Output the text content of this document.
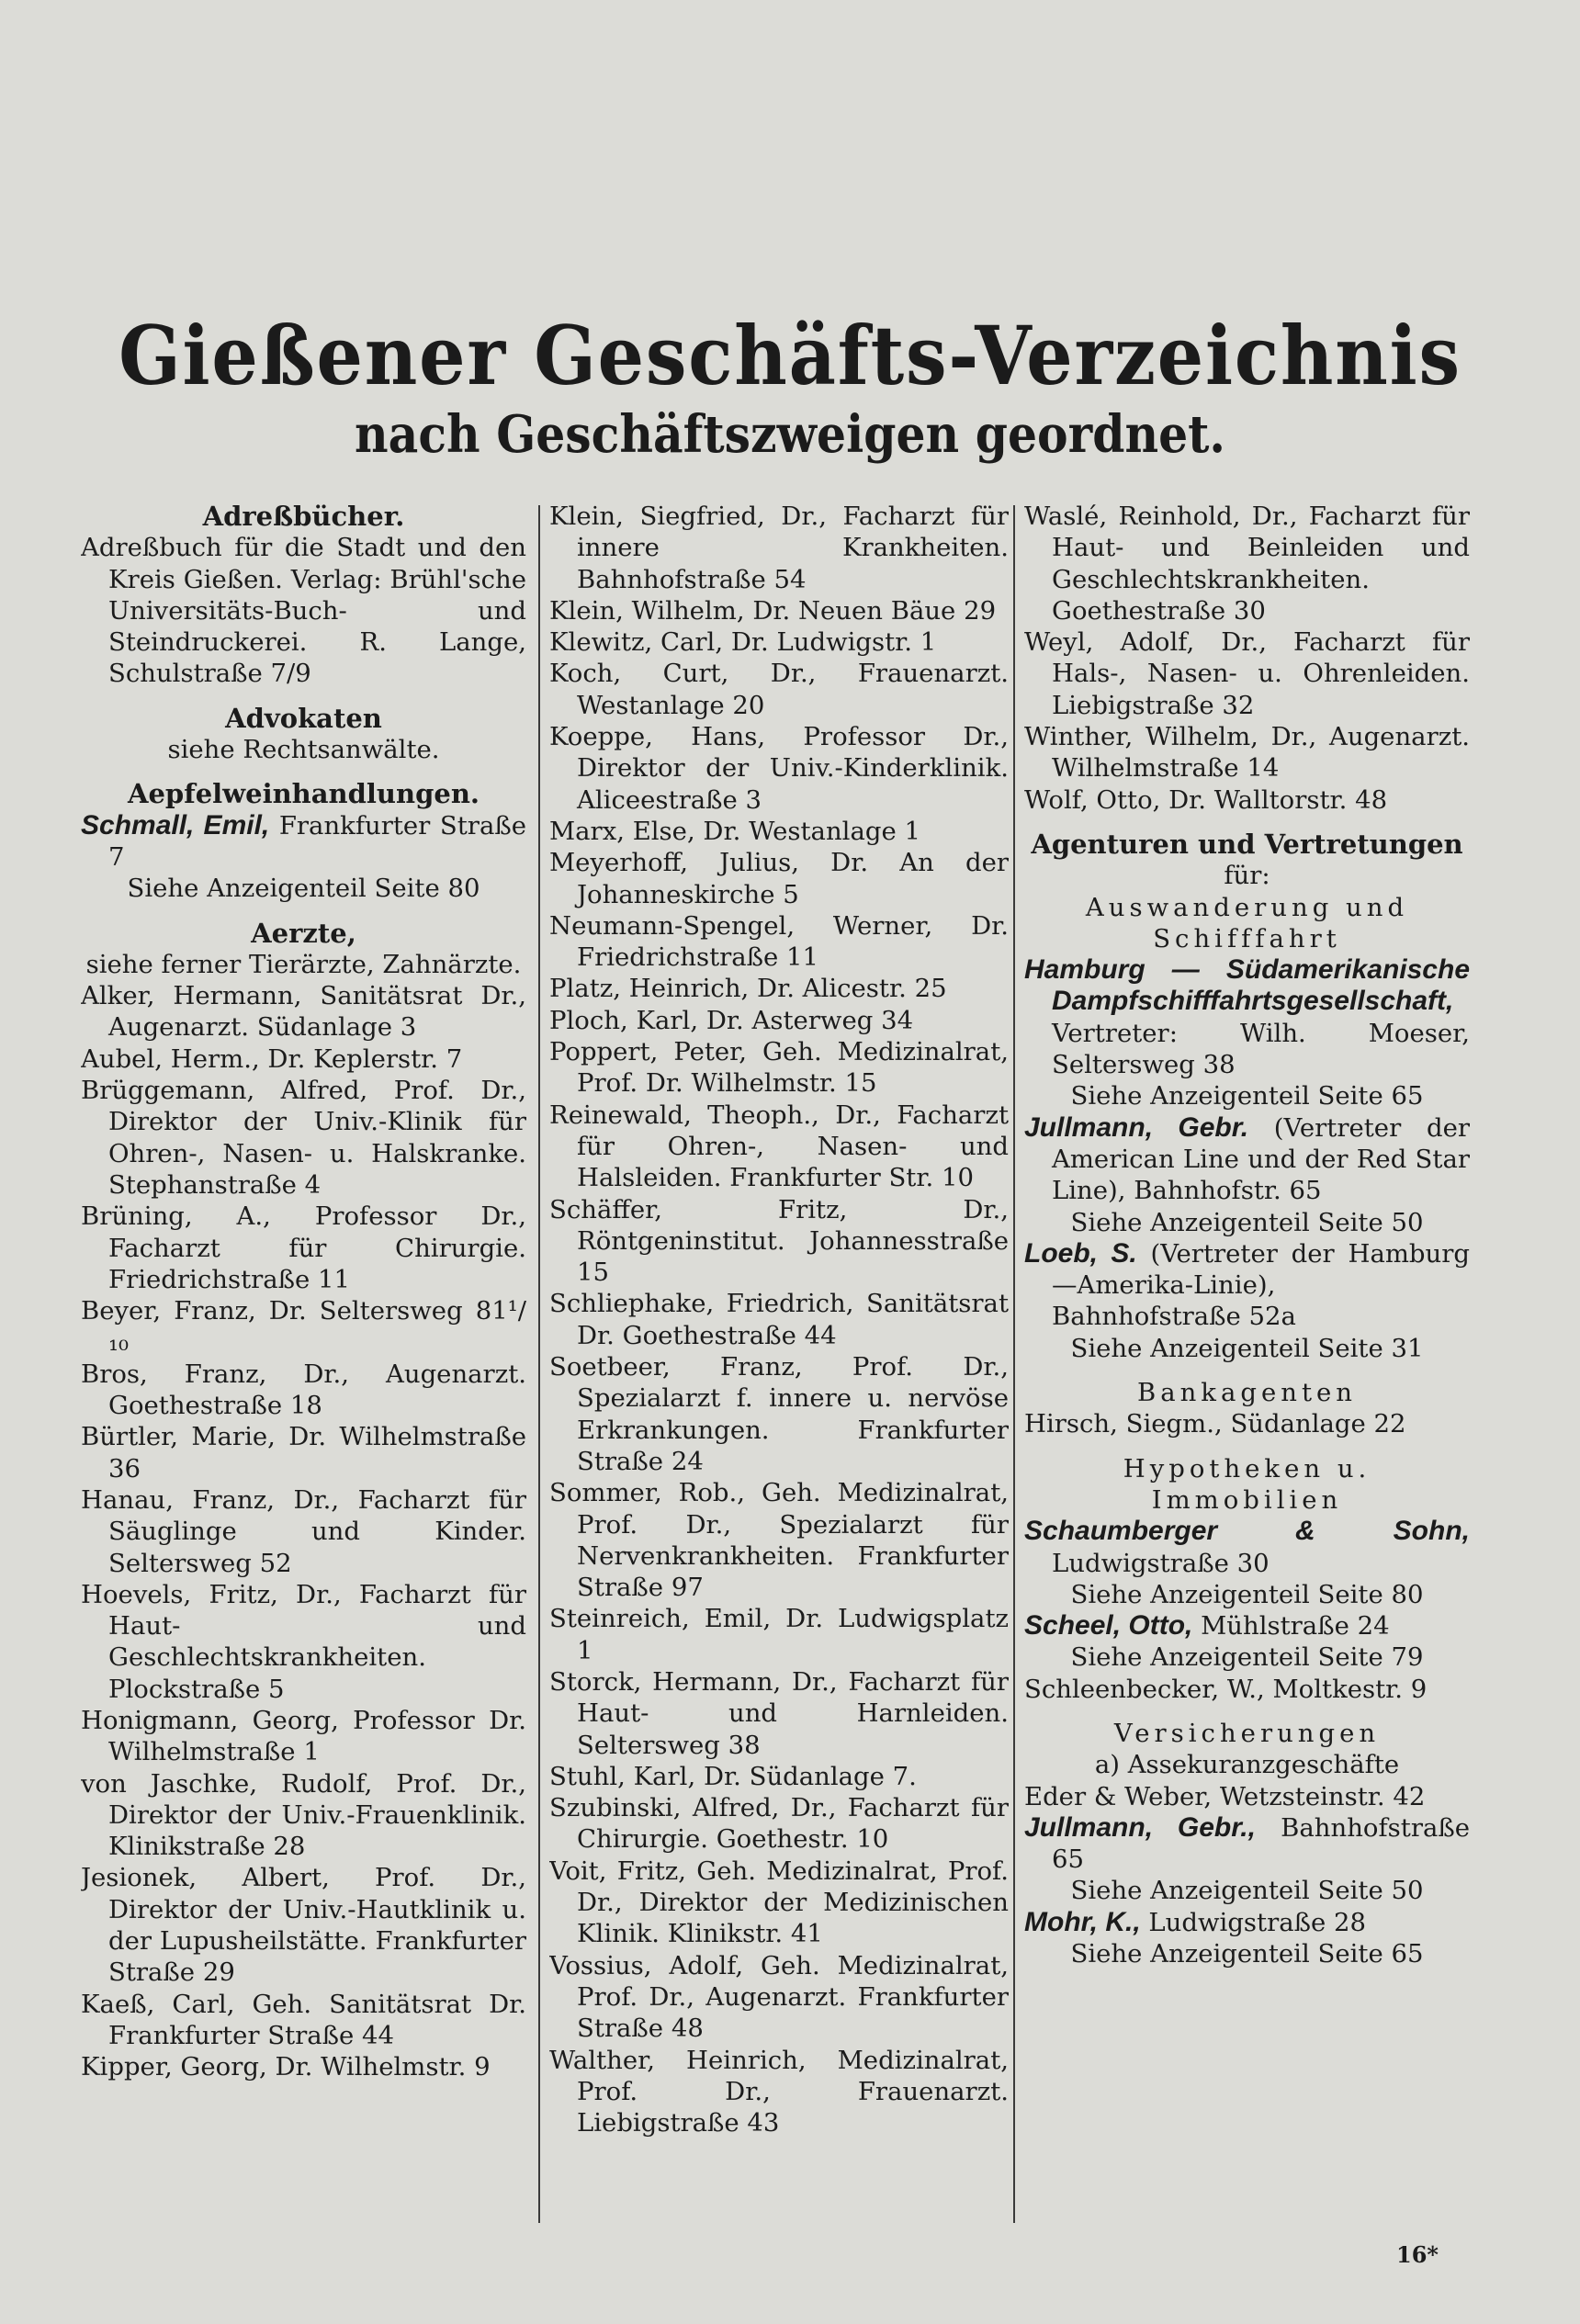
Gießener Geschäfts-Verzeichnis
nach Geschäftszweigen geordnet.
Adreßbücher.

Adreßbuch für die Stadt und den Kreis Gießen. Verlag: Brühl'sche Universitäts-Buch- und Steindruckerei. R. Lange, Schulstraße 7/9

Advokaten
siehe Rechtsanwälte.
Aepfelweinhandlungen.

Schmall, Emil, Frankfurter Straße 7

Siehe Anzeigenteil Seite 80
Aerzte,
siehe ferner Tierärzte, Zahnärzte.

Alker, Hermann, Sanitätsrat Dr., Augenarzt. Südanlage 3

Aubel, Herm., Dr. Keplerstr. 7

Brüggemann, Alfred, Prof. Dr., Direktor der Univ.-Klinik für Ohren-, Nasen- u. Halskranke. Stephanstraße 4

Brüning, A., Professor Dr., Facharzt für Chirurgie. Friedrichstraße 11

Beyer, Franz, Dr. Seltersweg 81¹/₁₀

Bros, Franz, Dr., Augenarzt. Goethestraße 18

Bürtler, Marie, Dr. Wilhelmstraße 36

Hanau, Franz, Dr., Facharzt für Säuglinge und Kinder. Seltersweg 52

Hoevels, Fritz, Dr., Facharzt für Haut- und Geschlechtskrankheiten. Plockstraße 5

Honigmann, Georg, Professor Dr. Wilhelmstraße 1

von Jaschke, Rudolf, Prof. Dr., Direktor der Univ.-Frauenklinik. Klinikstraße 28

Jesionek, Albert, Prof. Dr., Direktor der Univ.-Hautklinik u. der Lupusheilstätte. Frankfurter Straße 29

Kaeß, Carl, Geh. Sanitätsrat Dr. Frankfurter Straße 44

Kipper, Georg, Dr. Wilhelmstr. 9

Klein, Siegfried, Dr., Facharzt für innere Krankheiten. Bahnhofstraße 54

Klein, Wilhelm, Dr. Neuen Bäue 29

Klewitz, Carl, Dr. Ludwigstr. 1

Koch, Curt, Dr., Frauenarzt. Westanlage 20

Koeppe, Hans, Professor Dr., Direktor der Univ.-Kinderklinik. Aliceestraße 3

Marx, Else, Dr. Westanlage 1

Meyerhoff, Julius, Dr. An der Johanneskirche 5

Neumann-Spengel, Werner, Dr. Friedrichstraße 11

Platz, Heinrich, Dr. Alicestr. 25

Ploch, Karl, Dr. Asterweg 34

Poppert, Peter, Geh. Medizinalrat, Prof. Dr. Wilhelmstr. 15

Reinewald, Theoph., Dr., Facharzt für Ohren-, Nasen- und Halsleiden. Frankfurter Str. 10

Schäffer, Fritz, Dr., Röntgeninstitut. Johannesstraße 15

Schliephake, Friedrich, Sanitätsrat Dr. Goethestraße 44

Soetbeer, Franz, Prof. Dr., Spezialarzt f. innere u. nervöse Erkrankungen. Frankfurter Straße 24

Sommer, Rob., Geh. Medizinalrat, Prof. Dr., Spezialarzt für Nervenkrankheiten. Frankfurter Straße 97

Steinreich, Emil, Dr. Ludwigsplatz 1

Storck, Hermann, Dr., Facharzt für Haut- und Harnleiden. Seltersweg 38

Stuhl, Karl, Dr. Südanlage 7.

Szubinski, Alfred, Dr., Facharzt für Chirurgie. Goethestr. 10

Voit, Fritz, Geh. Medizinalrat, Prof. Dr., Direktor der Medizinischen Klinik. Klinikstr. 41

Vossius, Adolf, Geh. Medizinalrat, Prof. Dr., Augenarzt. Frankfurter Straße 48

Walther, Heinrich, Medizinalrat, Prof. Dr., Frauenarzt. Liebigstraße 43

Waslé, Reinhold, Dr., Facharzt für Haut- und Beinleiden und Geschlechtskrankheiten. Goethestraße 30

Weyl, Adolf, Dr., Facharzt für Hals-, Nasen- u. Ohrenleiden. Liebigstraße 32

Winther, Wilhelm, Dr., Augenarzt. Wilhelmstraße 14

Wolf, Otto, Dr. Walltorstr. 48

Agenturen und Vertretungen
für:
Auswanderung und Schifffahrt

Hamburg — Südamerikanische Dampfschifffahrtsgesellschaft, Vertreter: Wilh. Moeser, Seltersweg 38

Siehe Anzeigenteil Seite 65

Jullmann, Gebr. (Vertreter der American Line und der Red Star Line), Bahnhofstr. 65

Siehe Anzeigenteil Seite 50

Loeb, S. (Vertreter der Hamburg—Amerika-Linie), Bahnhofstraße 52a

Siehe Anzeigenteil Seite 31
Bankagenten

Hirsch, Siegm., Südanlage 22

Hypotheken u. Immobilien

Schaumberger & Sohn, Ludwigstraße 30

Siehe Anzeigenteil Seite 80

Scheel, Otto, Mühlstraße 24

Siehe Anzeigenteil Seite 79

Schleenbecker, W., Moltkestr. 9

Versicherungen
a) Assekuranzgeschäfte

Eder & Weber, Wetzsteinstr. 42

Jullmann, Gebr., Bahnhofstraße 65

Siehe Anzeigenteil Seite 50

Mohr, K., Ludwigstraße 28

Siehe Anzeigenteil Seite 65
16*
